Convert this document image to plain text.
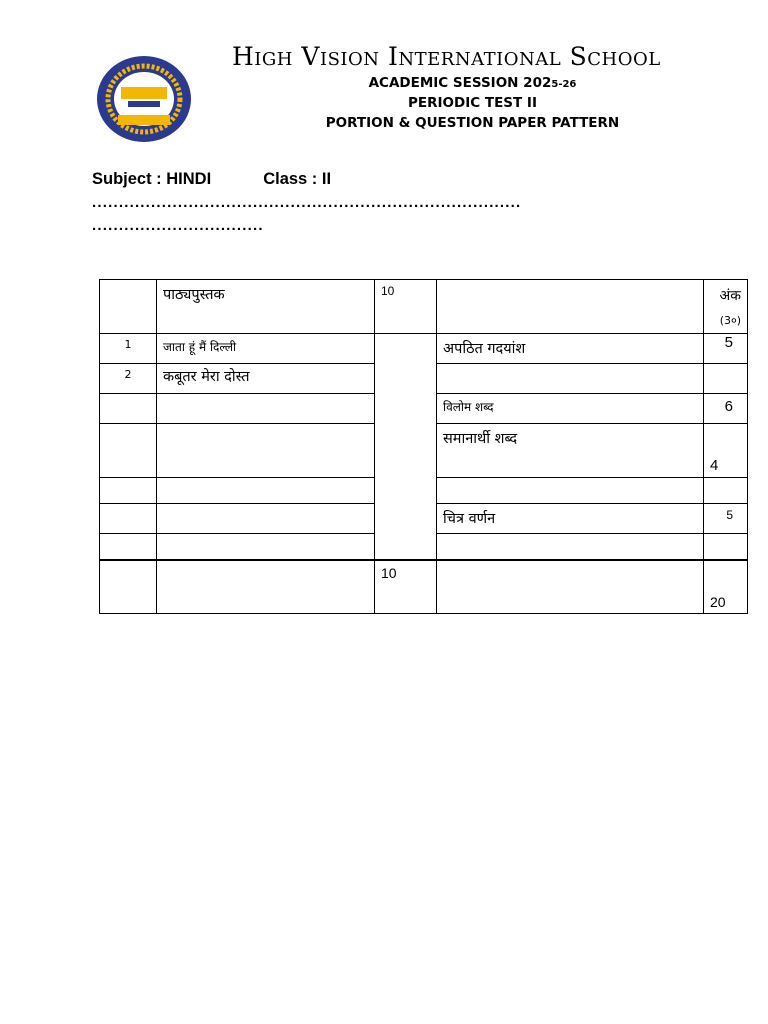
High Vision International School
ACADEMIC SESSION 2025-26
PERIODIC TEST II
PORTION & QUESTION PAPER PATTERN
Subject : HINDI	Class : II
................................................................................
................................
	पाठ्यपुस्तक	10		अंक
(3०)
1	जाता हूं मैं दिल्ली		अपठित गदयांश	5
2	कबूतर मेरा दोस्त			
			विलोम शब्द	6
			समानार्थी शब्द	4

			चित्र वर्णन	5

		10		20
